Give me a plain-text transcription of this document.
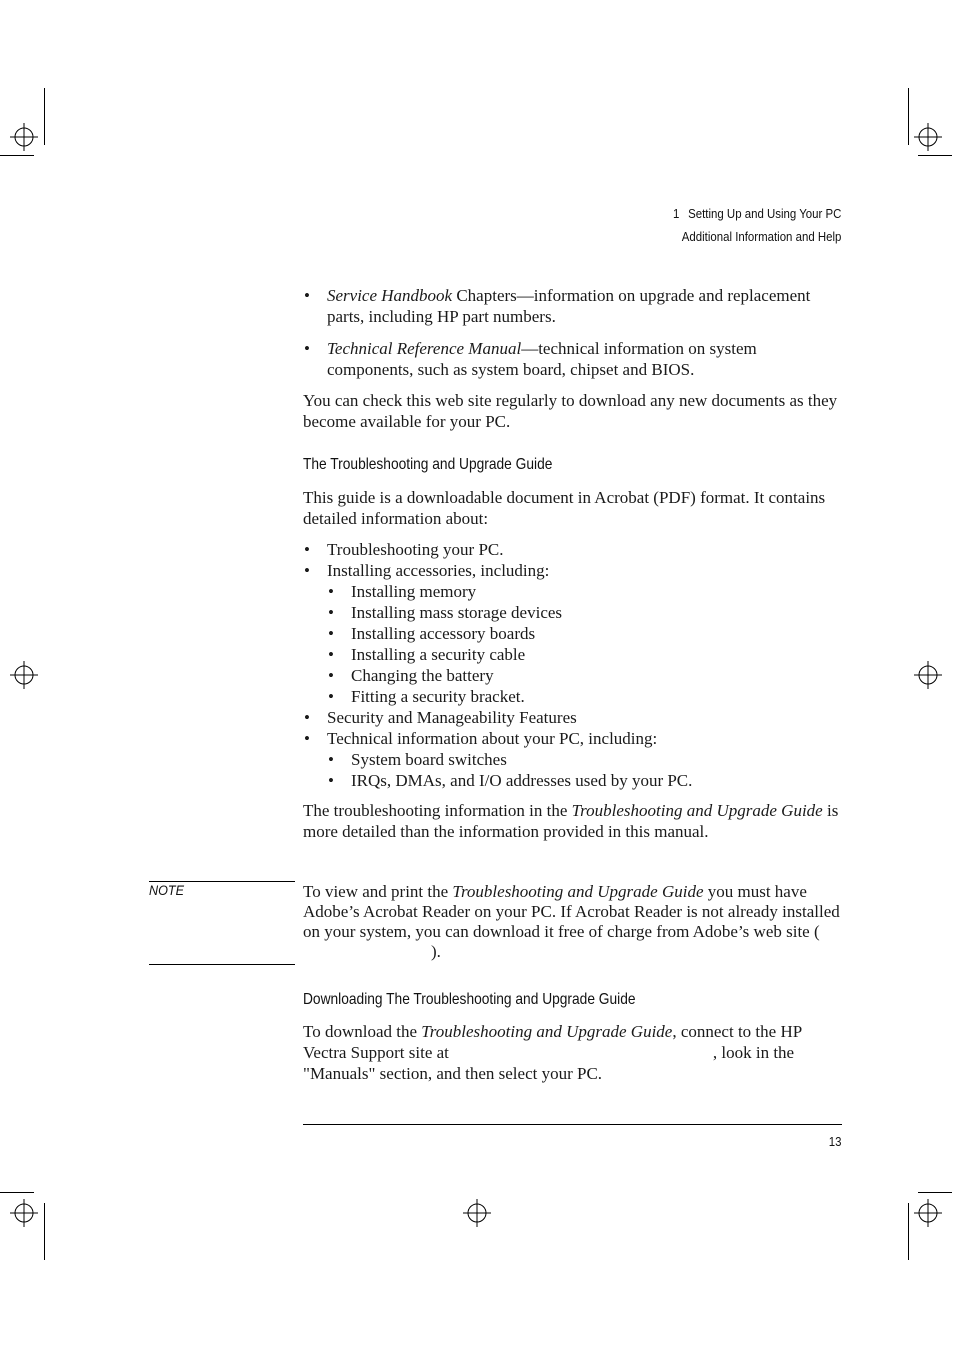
1 Setting Up and Using Your PC
Additional Information and Help
• Service Handbook Chapters—information on upgrade and replacement parts, including HP part numbers.
• Technical Reference Manual—technical information on system components, such as system board, chipset and BIOS.
You can check this web site regularly to download any new documents as they become available for your PC.
The Troubleshooting and Upgrade Guide
This guide is a downloadable document in Acrobat (PDF) format. It contains detailed information about:
• Troubleshooting your PC.
• Installing accessories, including:
• Installing memory
• Installing mass storage devices
• Installing accessory boards
• Installing a security cable
• Changing the battery
• Fitting a security bracket.
• Security and Manageability Features
• Technical information about your PC, including:
• System board switches
• IRQs, DMAs, and I/O addresses used by your PC.
The troubleshooting information in the Troubleshooting and Upgrade Guide is more detailed than the information provided in this manual.
NOTE	To view and print the Troubleshooting and Upgrade Guide you must have Adobe’s Acrobat Reader on your PC. If Acrobat Reader is not already installed on your system, you can download it free of charge from Adobe’s web site ().
Downloading The Troubleshooting and Upgrade Guide
To download the Troubleshooting and Upgrade Guide, connect to the HP Vectra Support site at	, look in the "Manuals" section, and then select your PC.
13
